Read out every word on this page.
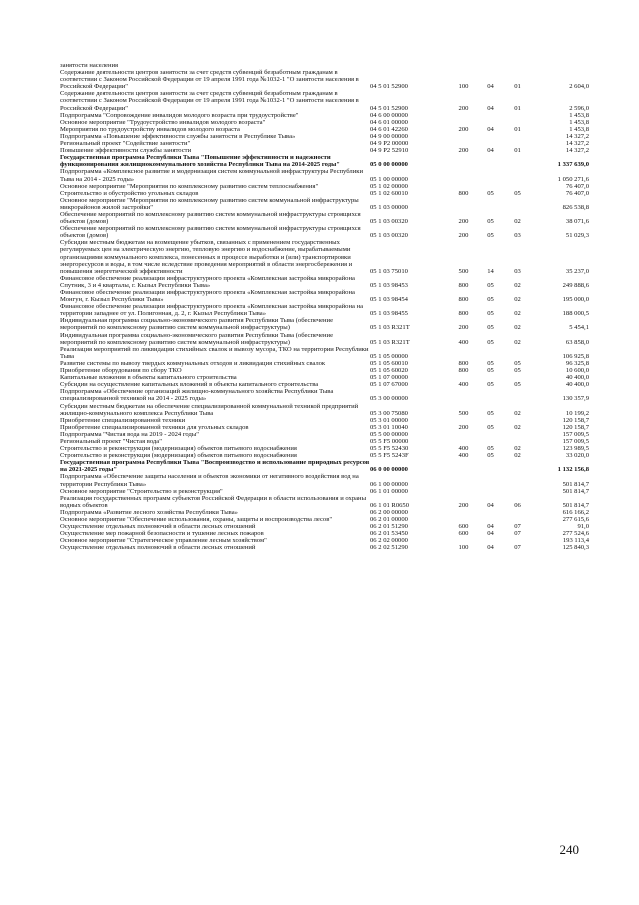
занятости населения
Содержание деятельности центров занятости за счет средств субвенций безработным гражданам в соответствии с Законом Российской Федерации от 19 апреля 1991 года №1032-1 "О занятости населения в Российской Федерации"	04 5 01 52900	100	04	01	2 604,0
Содержание деятельности центров занятости за счет средств субвенций безработным гражданам в соответствии с Законом Российской Федерации от 19 апреля 1991 года №1032-1 "О занятости населения в Российской Федерации"	04 5 01 52900	200	04	01	2 596,0
Подпрограмма "Сопровождение инвалидов молодого возраста при трудоустройстве"	04 6 00 00000	1 453,8
Основное мероприятие "Трудоустройство инвалидов молодого возраста"	04 6 01 00000	1 453,8
Мероприятия по трудоустройству инвалидов молодого возраста	04 6 01 42260	200	04	01	1 453,8
Подпрограмма «Повышение эффективности службы занятости в Республике Тыва»	04 9 00 00000	14 327,2
Региональный проект "Содействие занятости"	04 9 P2 00000	14 327,2
Повышение эффективности службы занятости	04 9 P2 52910	200	04	01	14 327,2
Государственная программа Республики Тыва "Повышение эффективности и надежности функционирования жилищнокоммунального хозяйства Республики Тыва на 2014-2025 годы"	05 0 00 00000	1 337 639,0
Подпрограмма «Комплексное развитие и модернизация систем коммунальной инфраструктуры Республики Тыва на 2014 - 2025 годы»	05 1 00 00000	1 050 271,6
Основное мероприятие "Мероприятия по комплексному развитию систем теплоснабжения"	05 1 02 00000	76 407,0
Строительство и обустройство угольных складов	05 1 02 60010	800	05	05	76 407,0
Основное мероприятие "Мероприятия по комплексному развитию систем коммунальной инфраструктуры микрорайонов жилой застройки"	05 1 03 00000	826 538,8
Обеспечение мероприятий по комплексному развитию систем коммунальной инфраструктуры строящихся объектов (домов)	05 1 03 00320	200	05	02	38 071,6
Обеспечение мероприятий по комплексному развитию систем коммунальной инфраструктуры строящихся объектов (домов)	05 1 03 00320	200	05	03	51 029,3
Субсидии местным бюджетам на возмещение убытков, связанных с применением государственных регулируемых цен на электрическую энергию, тепловую энергию и водоснабжение, вырабатываемыми организациями коммунального комплекса, понесенных в процессе выработки и (или) транспортировки энергоресурсов и воды, в том числе вследствие проведения мероприятий в области энергосбережения и повышения энергетической эффективности	05 1 03 75010	500	14	03	35 237,0
Финансовое обеспечение реализации инфраструктурного проекта «Комплексная застройка микрорайона Спутник, 3 и 4 кварталы, г. Кызыл Республики Тыва»	05 1 03 98453	800	05	02	249 888,6
Финансовое обеспечение реализации инфраструктурного проекта «Комплексная застройка микрорайона Монгун, г. Кызыл Республики Тыва»	05 1 03 98454	800	05	02	195 000,0
Финансовое обеспечение реализации инфраструктурного проекта «Комплексная застройка микрорайона на территории западнее от ул. Полигонная, д. 2, г. Кызыл Республики Тыва»	05 1 03 98455	800	05	02	188 000,5
Индивидуальная программа социально-экономического развития Республики Тыва (обеспечение мероприятий по комплексному развитию систем коммунальной инфраструктуры)	05 1 03 R321T	200	05	02	5 454,1
Индивидуальная программа социально-экономического развития Республики Тыва (обеспечение мероприятий по комплексному развитию систем коммунальной инфраструктуры)	05 1 03 R321T	400	05	02	63 858,0
Реализация мероприятий по ликвидации стихийных свалок и вывозу мусора, ТКО на территории Республики Тыва	05 1 05 00000	106 925,8
Развитие системы по вывозу твердых коммунальных отходов и ликвидация стихийных свалок	05 1 05 60010	800	05	05	96 325,8
Приобретение оборудования по сбору ТКО	05 1 05 60020	800	05	05	10 600,0
Капитальные вложения в объекты капитального строительства	05 1 07 00000	40 400,0
Субсидии на осуществление капитальных вложений в объекты капитального строительства	05 1 07 67000	400	05	05	40 400,0
Подпрограмма «Обеспечение организаций жилищно-коммунального хозяйства Республики Тыва специализированной техникой на 2014 - 2025 годы»	05 3 00 00000	130 357,9
Субсидии местным бюджетам на обеспечение специализированной коммунальной техникой предприятий жилищно-коммунального комплекса Республики Тыва	05 3 00 75080	500	05	02	10 199,2
Приобретение специализированной техники	05 3 01 00000	120 158,7
Приобретение специализированной техники для угольных складов	05 3 01 10040	200	05	02	120 158,7
Подпрограмма "Чистая вода на 2019 - 2024 годы"	05 5 00 00000	157 009,5
Региональный проект "Чистая вода"	05 5 F5 00000	157 009,5
Строительство и реконструкция (модернизация) объектов питьевого водоснабжения	05 5 F5 52430	400	05	02	123 989,5
Строительство и реконструкция (модернизация) объектов питьевого водоснабжения	05 5 F5 5243F	400	05	02	33 020,0
Государственная программа Республики Тыва "Воспроизводство и использование природных ресурсов на 2021-2025 годы"	06 0 00 00000	1 132 156,8
Подпрограмма «Обеспечение защиты населения и объектов экономики от негативного воздействия вод на территории Республики Тыва»	06 1 00 00000	501 814,7
Основное мероприятие "Строительство и реконструкция"	06 1 01 00000	501 814,7
Реализация государственных программ субъектов Российской Федерации в области использования и охраны водных объектов	06 1 01 R0650	200	04	06	501 814,7
Подпрограмма «Развитие лесного хозяйства Республики Тыва»	06 2 00 00000	616 166,2
Основное мероприятие "Обеспечение использования, охраны, защиты и воспроизводства лесов"	06 2 01 00000	277 615,6
Осуществление отдельных полномочий в области лесных отношений	06 2 01 51290	600	04	07	91,0
Осуществление мер пожарной безопасности и тушение лесных пожаров	06 2 01 53450	600	04	07	277 524,6
Основное мероприятие "Стратегическое управление лесным хозяйством"	06 2 02 00000	193 113,4
Осуществление отдельных полномочий в области лесных отношений	06 2 02 51290	100	04	07	125 840,3
240
